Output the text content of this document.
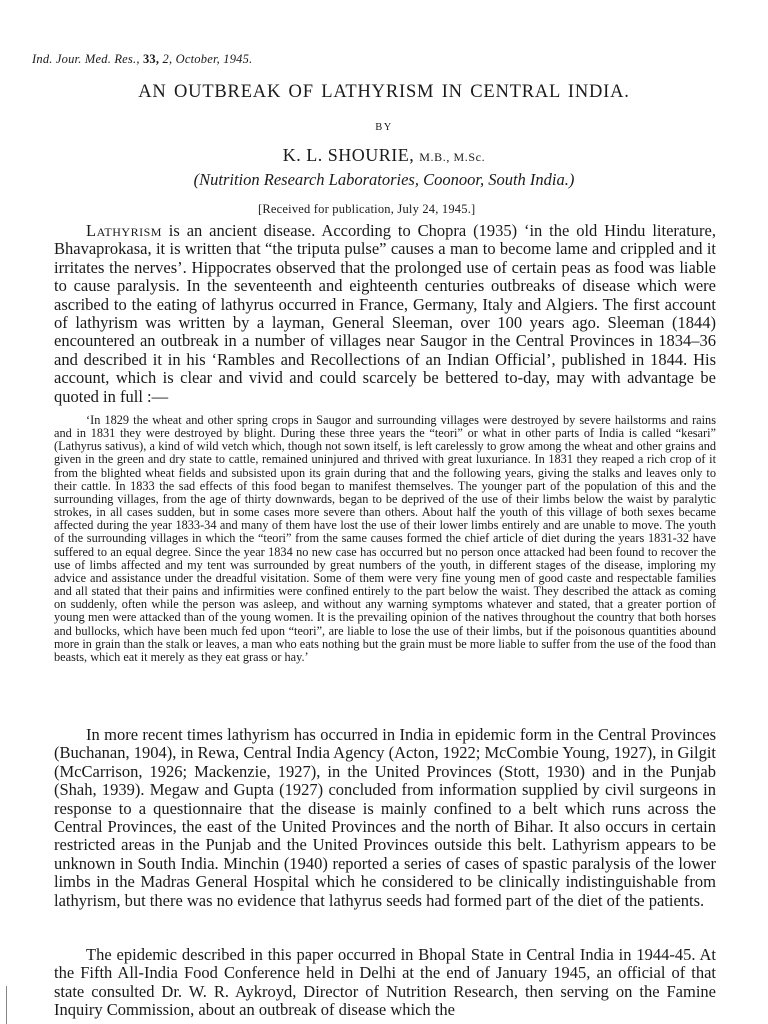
Ind. Jour. Med. Res., 33, 2, October, 1945.
AN OUTBREAK OF LATHYRISM IN CENTRAL INDIA.
BY
K. L. SHOURIE, M.B., M.Sc.
(Nutrition Research Laboratories, Coonoor, South India.)
[Received for publication, July 24, 1945.]

Lathyrism is an ancient disease. According to Chopra (1935) ‘in the old Hindu literature, Bhavaprokasa, it is written that “the triputa pulse” causes a man to become lame and crippled and it irritates the nerves’. Hippocrates observed that the prolonged use of certain peas as food was liable to cause paralysis. In the seventeenth and eighteenth centuries outbreaks of disease which were ascribed to the eating of lathyrus occurred in France, Germany, Italy and Algiers. The first account of lathyrism was written by a layman, General Sleeman, over 100 years ago. Sleeman (1844) encountered an outbreak in a number of villages near Saugor in the Central Provinces in 1834–36 and described it in his ‘Rambles and Recollections of an Indian Official’, published in 1844. His account, which is clear and vivid and could scarcely be bettered to-day, may with advantage be quoted in full :—

‘In 1829 the wheat and other spring crops in Saugor and surrounding villages were destroyed by severe hailstorms and rains and in 1831 they were destroyed by blight. During these three years the “teori” or what in other parts of India is called “kesari” (Lathyrus sativus), a kind of wild vetch which, though not sown itself, is left carelessly to grow among the wheat and other grains and given in the green and dry state to cattle, remained uninjured and thrived with great luxuriance. In 1831 they reaped a rich crop of it from the blighted wheat fields and subsisted upon its grain during that and the following years, giving the stalks and leaves only to their cattle. In 1833 the sad effects of this food began to manifest themselves. The younger part of the population of this and the surrounding villages, from the age of thirty downwards, began to be deprived of the use of their limbs below the waist by paralytic strokes, in all cases sudden, but in some cases more severe than others. About half the youth of this village of both sexes became affected during the year 1833-34 and many of them have lost the use of their lower limbs entirely and are unable to move. The youth of the surrounding villages in which the “teori” from the same causes formed the chief article of diet during the years 1831-32 have suffered to an equal degree. Since the year 1834 no new case has occurred but no person once attacked had been found to recover the use of limbs affected and my tent was surrounded by great numbers of the youth, in different stages of the disease, imploring my advice and assistance under the dreadful visitation. Some of them were very fine young men of good caste and respectable families and all stated that their pains and infirmities were confined entirely to the part below the waist. They described the attack as coming on suddenly, often while the person was asleep, and without any warning symptoms whatever and stated, that a greater portion of young men were attacked than of the young women. It is the prevailing opinion of the natives throughout the country that both horses and bullocks, which have been much fed upon “teori”, are liable to lose the use of their limbs, but if the poisonous quantities abound more in grain than the stalk or leaves, a man who eats nothing but the grain must be more liable to suffer from the use of the food than beasts, which eat it merely as they eat grass or hay.’

In more recent times lathyrism has occurred in India in epidemic form in the Central Provinces (Buchanan, 1904), in Rewa, Central India Agency (Acton, 1922; McCombie Young, 1927), in Gilgit (McCarrison, 1926; Mackenzie, 1927), in the United Provinces (Stott, 1930) and in the Punjab (Shah, 1939). Megaw and Gupta (1927) concluded from information supplied by civil surgeons in response to a questionnaire that the disease is mainly confined to a belt which runs across the Central Provinces, the east of the United Provinces and the north of Bihar. It also occurs in certain restricted areas in the Punjab and the United Provinces outside this belt. Lathyrism appears to be unknown in South India. Minchin (1940) reported a series of cases of spastic paralysis of the lower limbs in the Madras General Hospital which he considered to be clinically indistinguishable from lathyrism, but there was no evidence that lathyrus seeds had formed part of the diet of the patients.

The epidemic described in this paper occurred in Bhopal State in Central India in 1944-45. At the Fifth All-India Food Conference held in Delhi at the end of January 1945, an official of that state consulted Dr. W. R. Aykroyd, Director of Nutrition Research, then serving on the Famine Inquiry Commission, about an outbreak of disease which the
